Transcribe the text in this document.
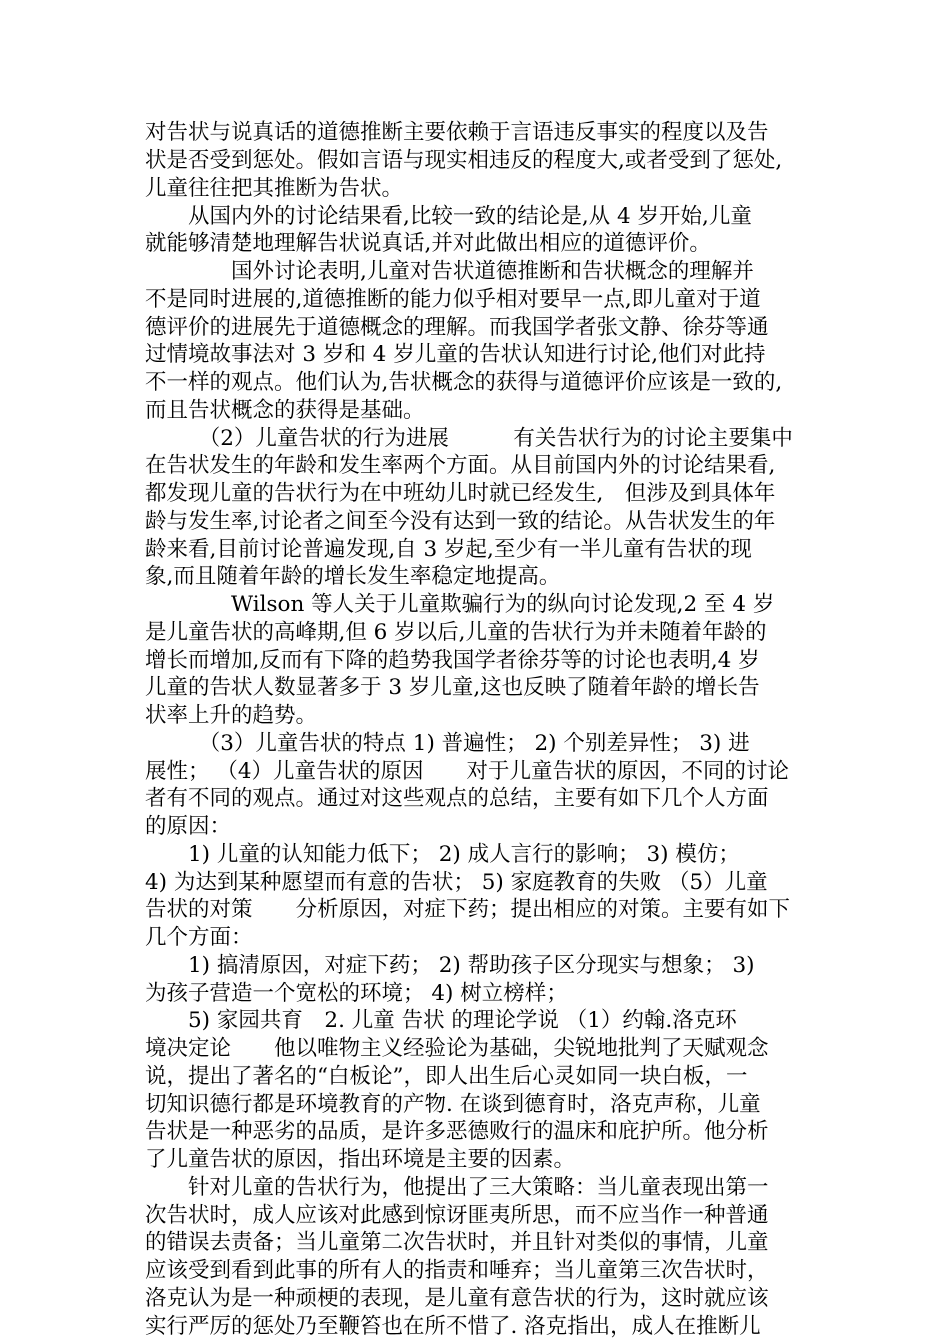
对告状与说真话的道德推断主要依赖于言语违反事实的程度以及告
状是否受到惩处。假如言语与现实相违反的程度大,或者受到了惩处,
儿童往往把其推断为告状。
　　从国内外的讨论结果看,比较一致的结论是,从 4 岁开始,儿童
就能够清楚地理解告状说真话,并对此做出相应的道德评价。
　　　　国外讨论表明,儿童对告状道德推断和告状概念的理解并
不是同时进展的,道德推断的能力似乎相对要早一点,即儿童对于道
德评价的进展先于道德概念的理解。而我国学者张文静、徐芬等通
过情境故事法对 3 岁和 4 岁儿童的告状认知进行讨论,他们对此持
不一样的观点。他们认为,告状概念的获得与道德评价应该是一致的,
而且告状概念的获得是基础。
　　　（2）儿童告状的行为进展　　　有关告状行为的讨论主要集中
在告状发生的年龄和发生率两个方面。从目前国内外的讨论结果看,
都发现儿童的告状行为在中班幼儿时就已经发生,　但涉及到具体年
龄与发生率,讨论者之间至今没有达到一致的结论。从告状发生的年
龄来看,目前讨论普遍发现,自 3 岁起,至少有一半儿童有告状的现
象,而且随着年龄的增长发生率稳定地提高。
　　　　Wilson 等人关于儿童欺骗行为的纵向讨论发现,2 至 4 岁
是儿童告状的高峰期,但 6 岁以后,儿童的告状行为并未随着年龄的
增长而增加,反而有下降的趋势我国学者徐芬等的讨论也表明,4 岁
儿童的告状人数显著多于 3 岁儿童,这也反映了随着年龄的增长告
状率上升的趋势。
　　　（3）儿童告状的特点 1) 普遍性； 2) 个别差异性； 3) 进
展性； （4）儿童告状的原因　　对于儿童告状的原因，不同的讨论
者有不同的观点。通过对这些观点的总结，主要有如下几个人方面
的原因：
　　1) 儿童的认知能力低下； 2) 成人言行的影响； 3) 模仿；
4) 为达到某种愿望而有意的告状； 5) 家庭教育的失败 （5）儿童
告状的对策　　分析原因，对症下药；提出相应的对策。主要有如下
几个方面：
　　1) 搞清原因，对症下药； 2) 帮助孩子区分现实与想象； 3)
为孩子营造一个宽松的环境； 4) 树立榜样；
　　5) 家园共育　2. 儿童 告状 的理论学说 （1）约翰.洛克环
境决定论　　他以唯物主义经验论为基础，尖锐地批判了天赋观念
说，提出了著名的“白板论”，即人出生后心灵如同一块白板，一
切知识德行都是环境教育的产物. 在谈到德育时，洛克声称，儿童
告状是一种恶劣的品质，是许多恶德败行的温床和庇护所。他分析
了儿童告状的原因，指出环境是主要的因素。
　　针对儿童的告状行为，他提出了三大策略：当儿童表现出第一
次告状时，成人应该对此感到惊讶匪夷所思，而不应当作一种普通
的错误去责备；当儿童第二次告状时，并且针对类似的事情，儿童
应该受到看到此事的所有人的指责和唾弃；当儿童第三次告状时，
洛克认为是一种顽梗的表现，是儿童有意告状的行为，这时就应该
实行严厉的惩处乃至鞭笞也在所不惜了. 洛克指出，成人在推断儿
